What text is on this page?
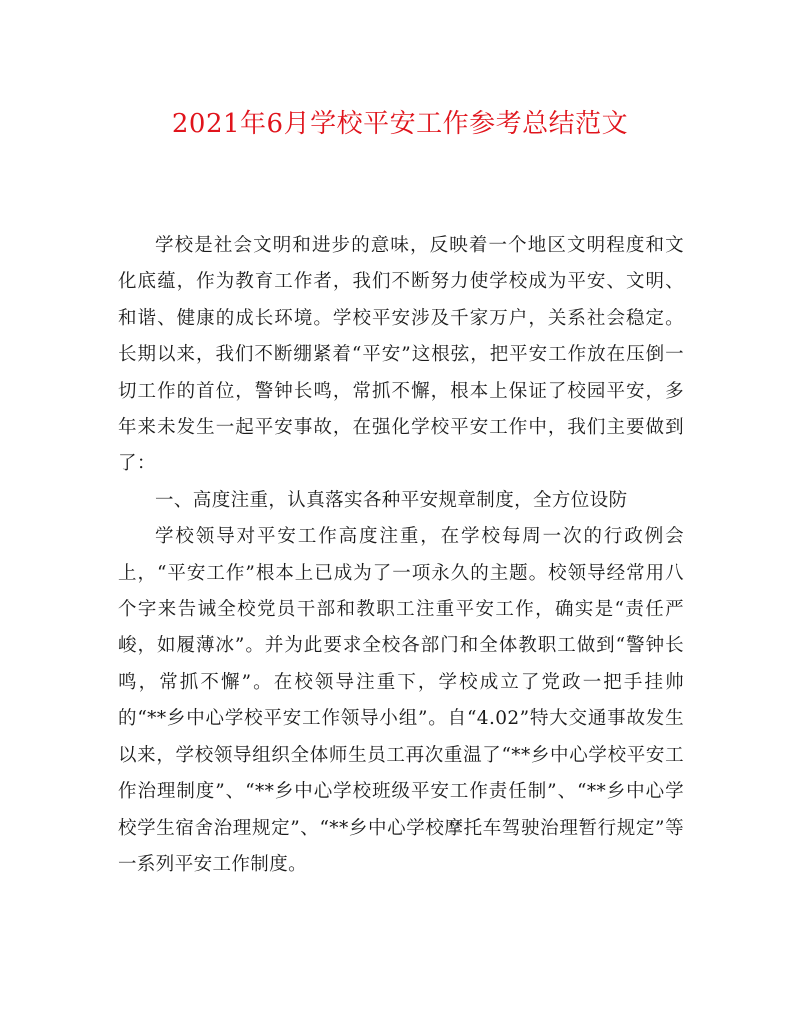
2021年6月学校平安工作参考总结范文

学校是社会文明和进步的意味，反映着一个地区文明程度和文化底蕴，作为教育工作者，我们不断努力使学校成为平安、文明、和谐、健康的成长环境。学校平安涉及千家万户，关系社会稳定。长期以来，我们不断绷紧着“平安”这根弦，把平安工作放在压倒一切工作的首位，警钟长鸣，常抓不懈，根本上保证了校园平安，多年来未发生一起平安事故，在强化学校平安工作中，我们主要做到了：

一、高度注重，认真落实各种平安规章制度，全方位设防

学校领导对平安工作高度注重，在学校每周一次的行政例会上，“平安工作”根本上已成为了一项永久的主题。校领导经常用八个字来告诫全校党员干部和教职工注重平安工作，确实是“责任严峻，如履薄冰”。并为此要求全校各部门和全体教职工做到“警钟长鸣，常抓不懈”。在校领导注重下，学校成立了党政一把手挂帅的“**乡中心学校平安工作领导小组”。自“4.02”特大交通事故发生以来，学校领导组织全体师生员工再次重温了“**乡中心学校平安工作治理制度”、“**乡中心学校班级平安工作责任制”、“**乡中心学校学生宿舍治理规定”、“**乡中心学校摩托车驾驶治理暂行规定”等一系列平安工作制度。
